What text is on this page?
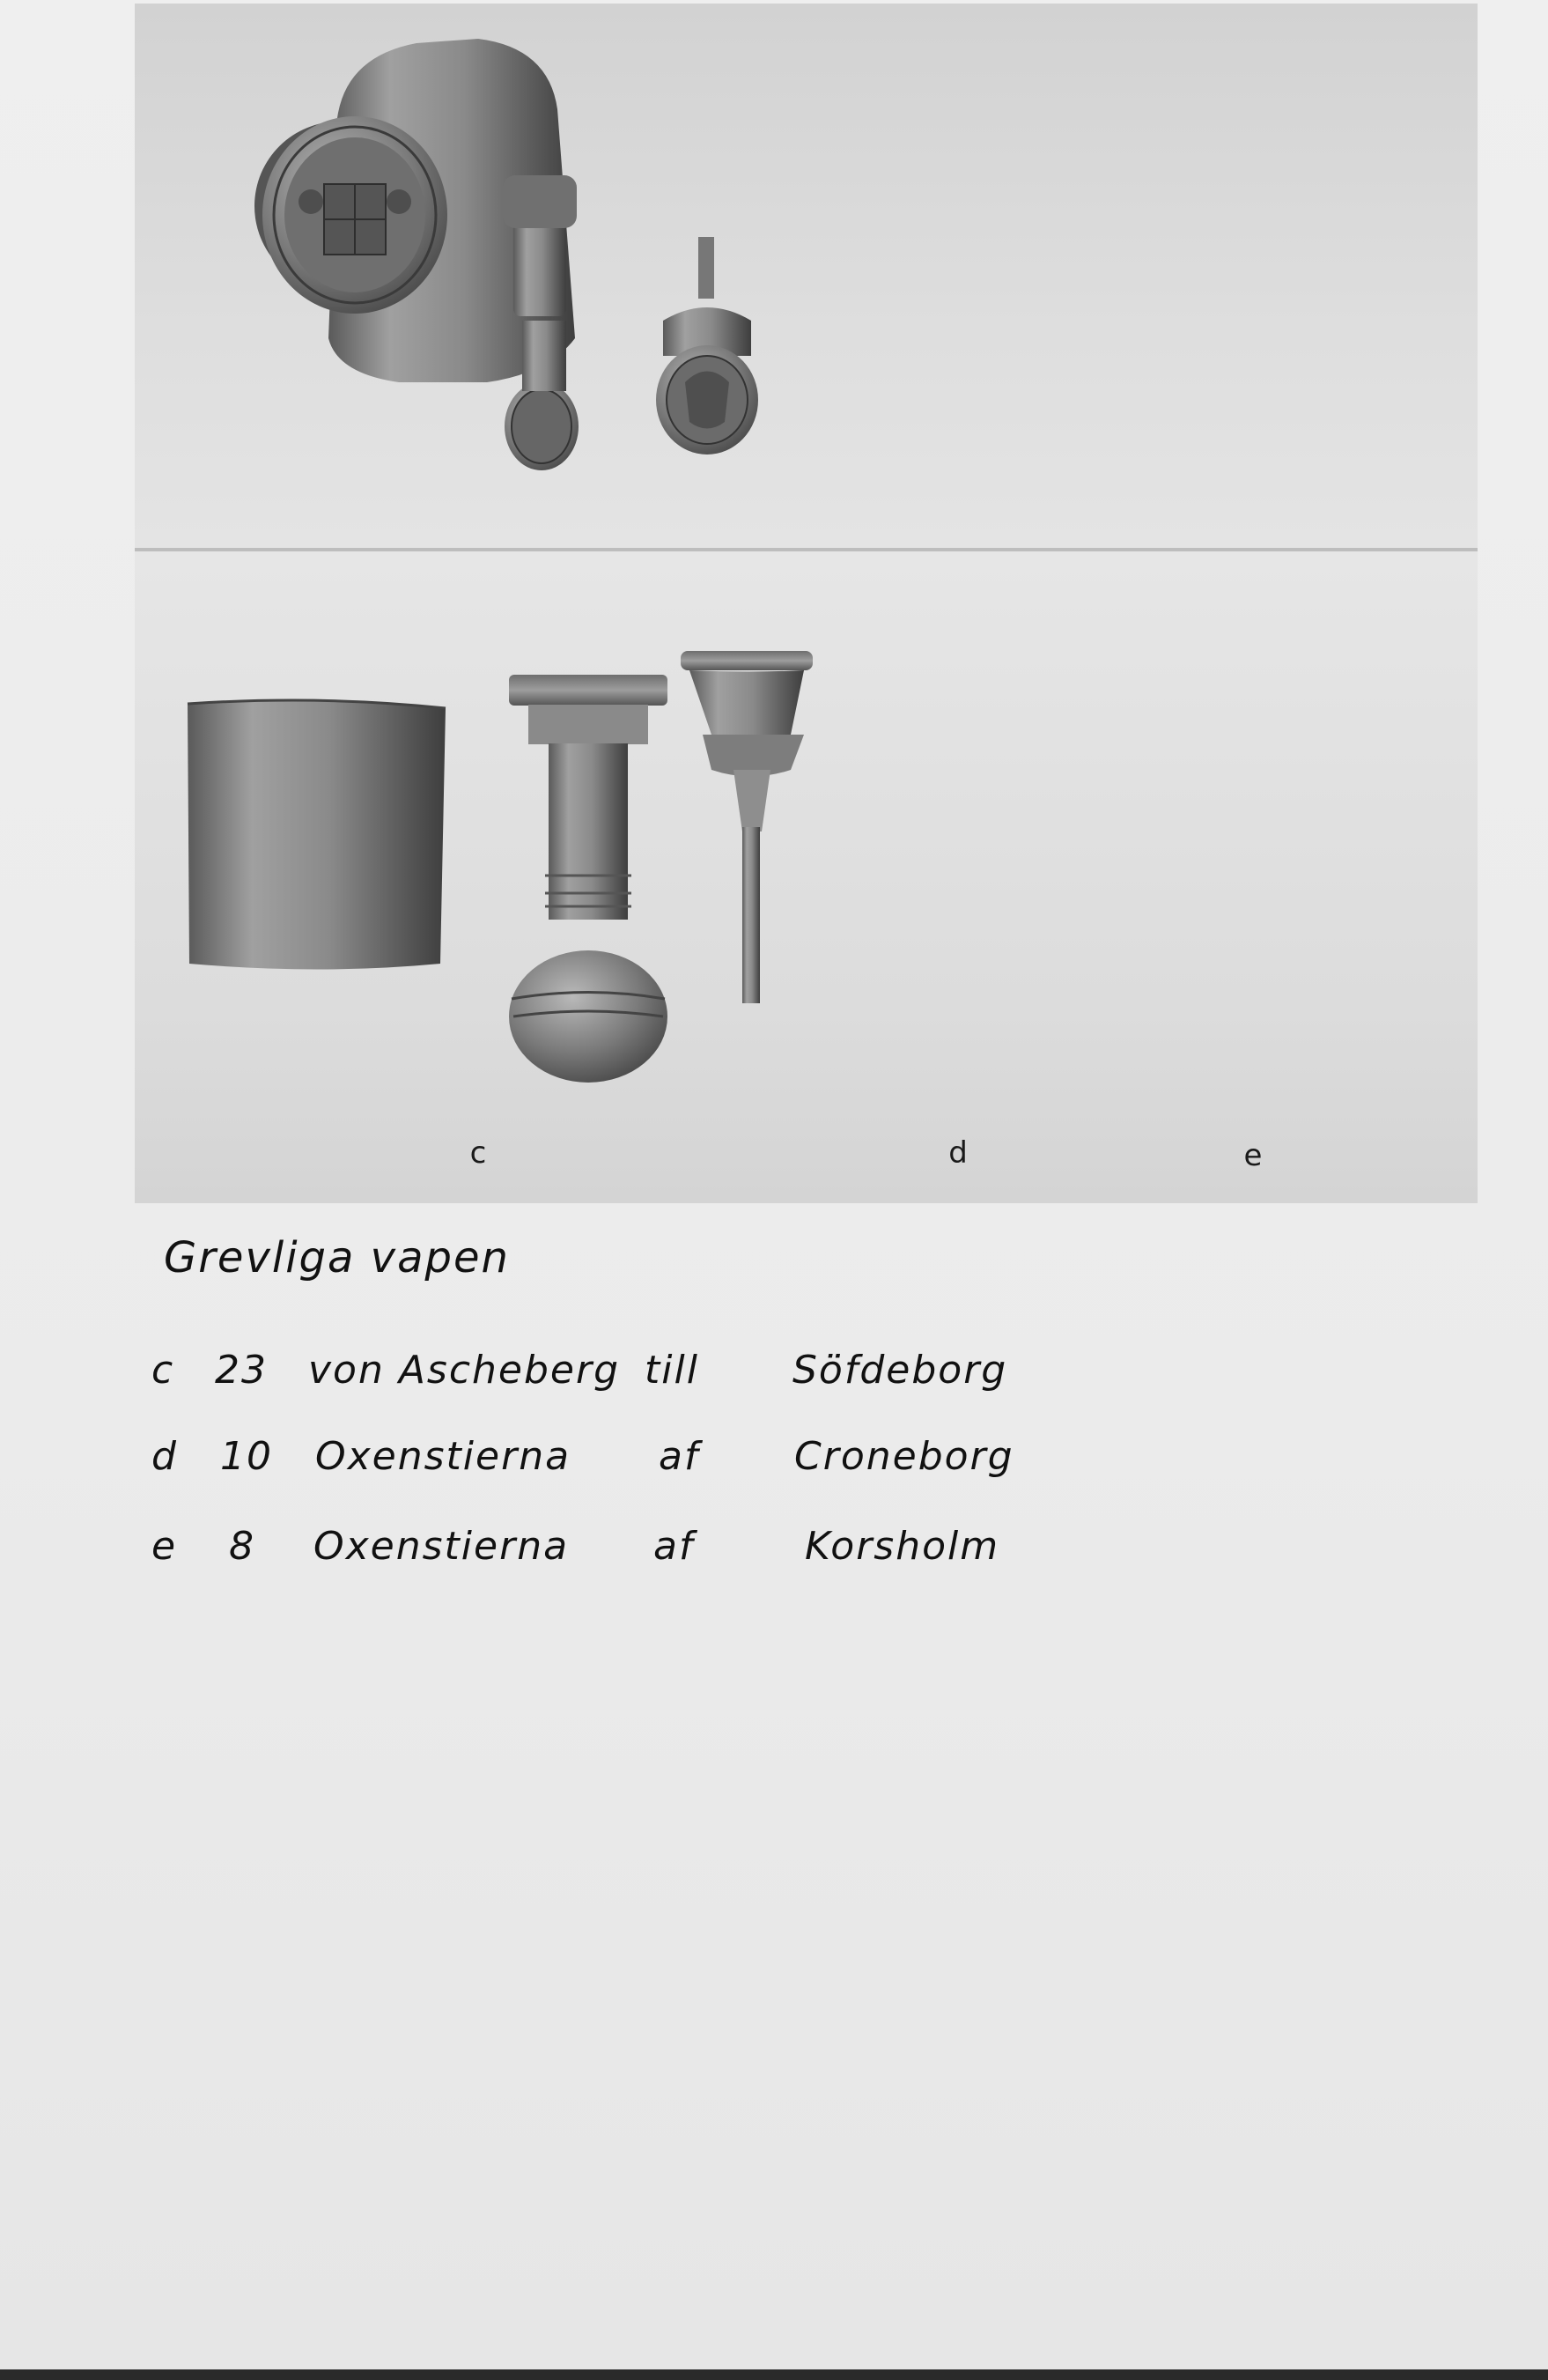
c	d	e
Grevliga vapen
c 23 von Ascheberg till Söfdeborg
d 10 Oxenstierna af Croneborg
e 8 Oxenstierna af	Korsholm
